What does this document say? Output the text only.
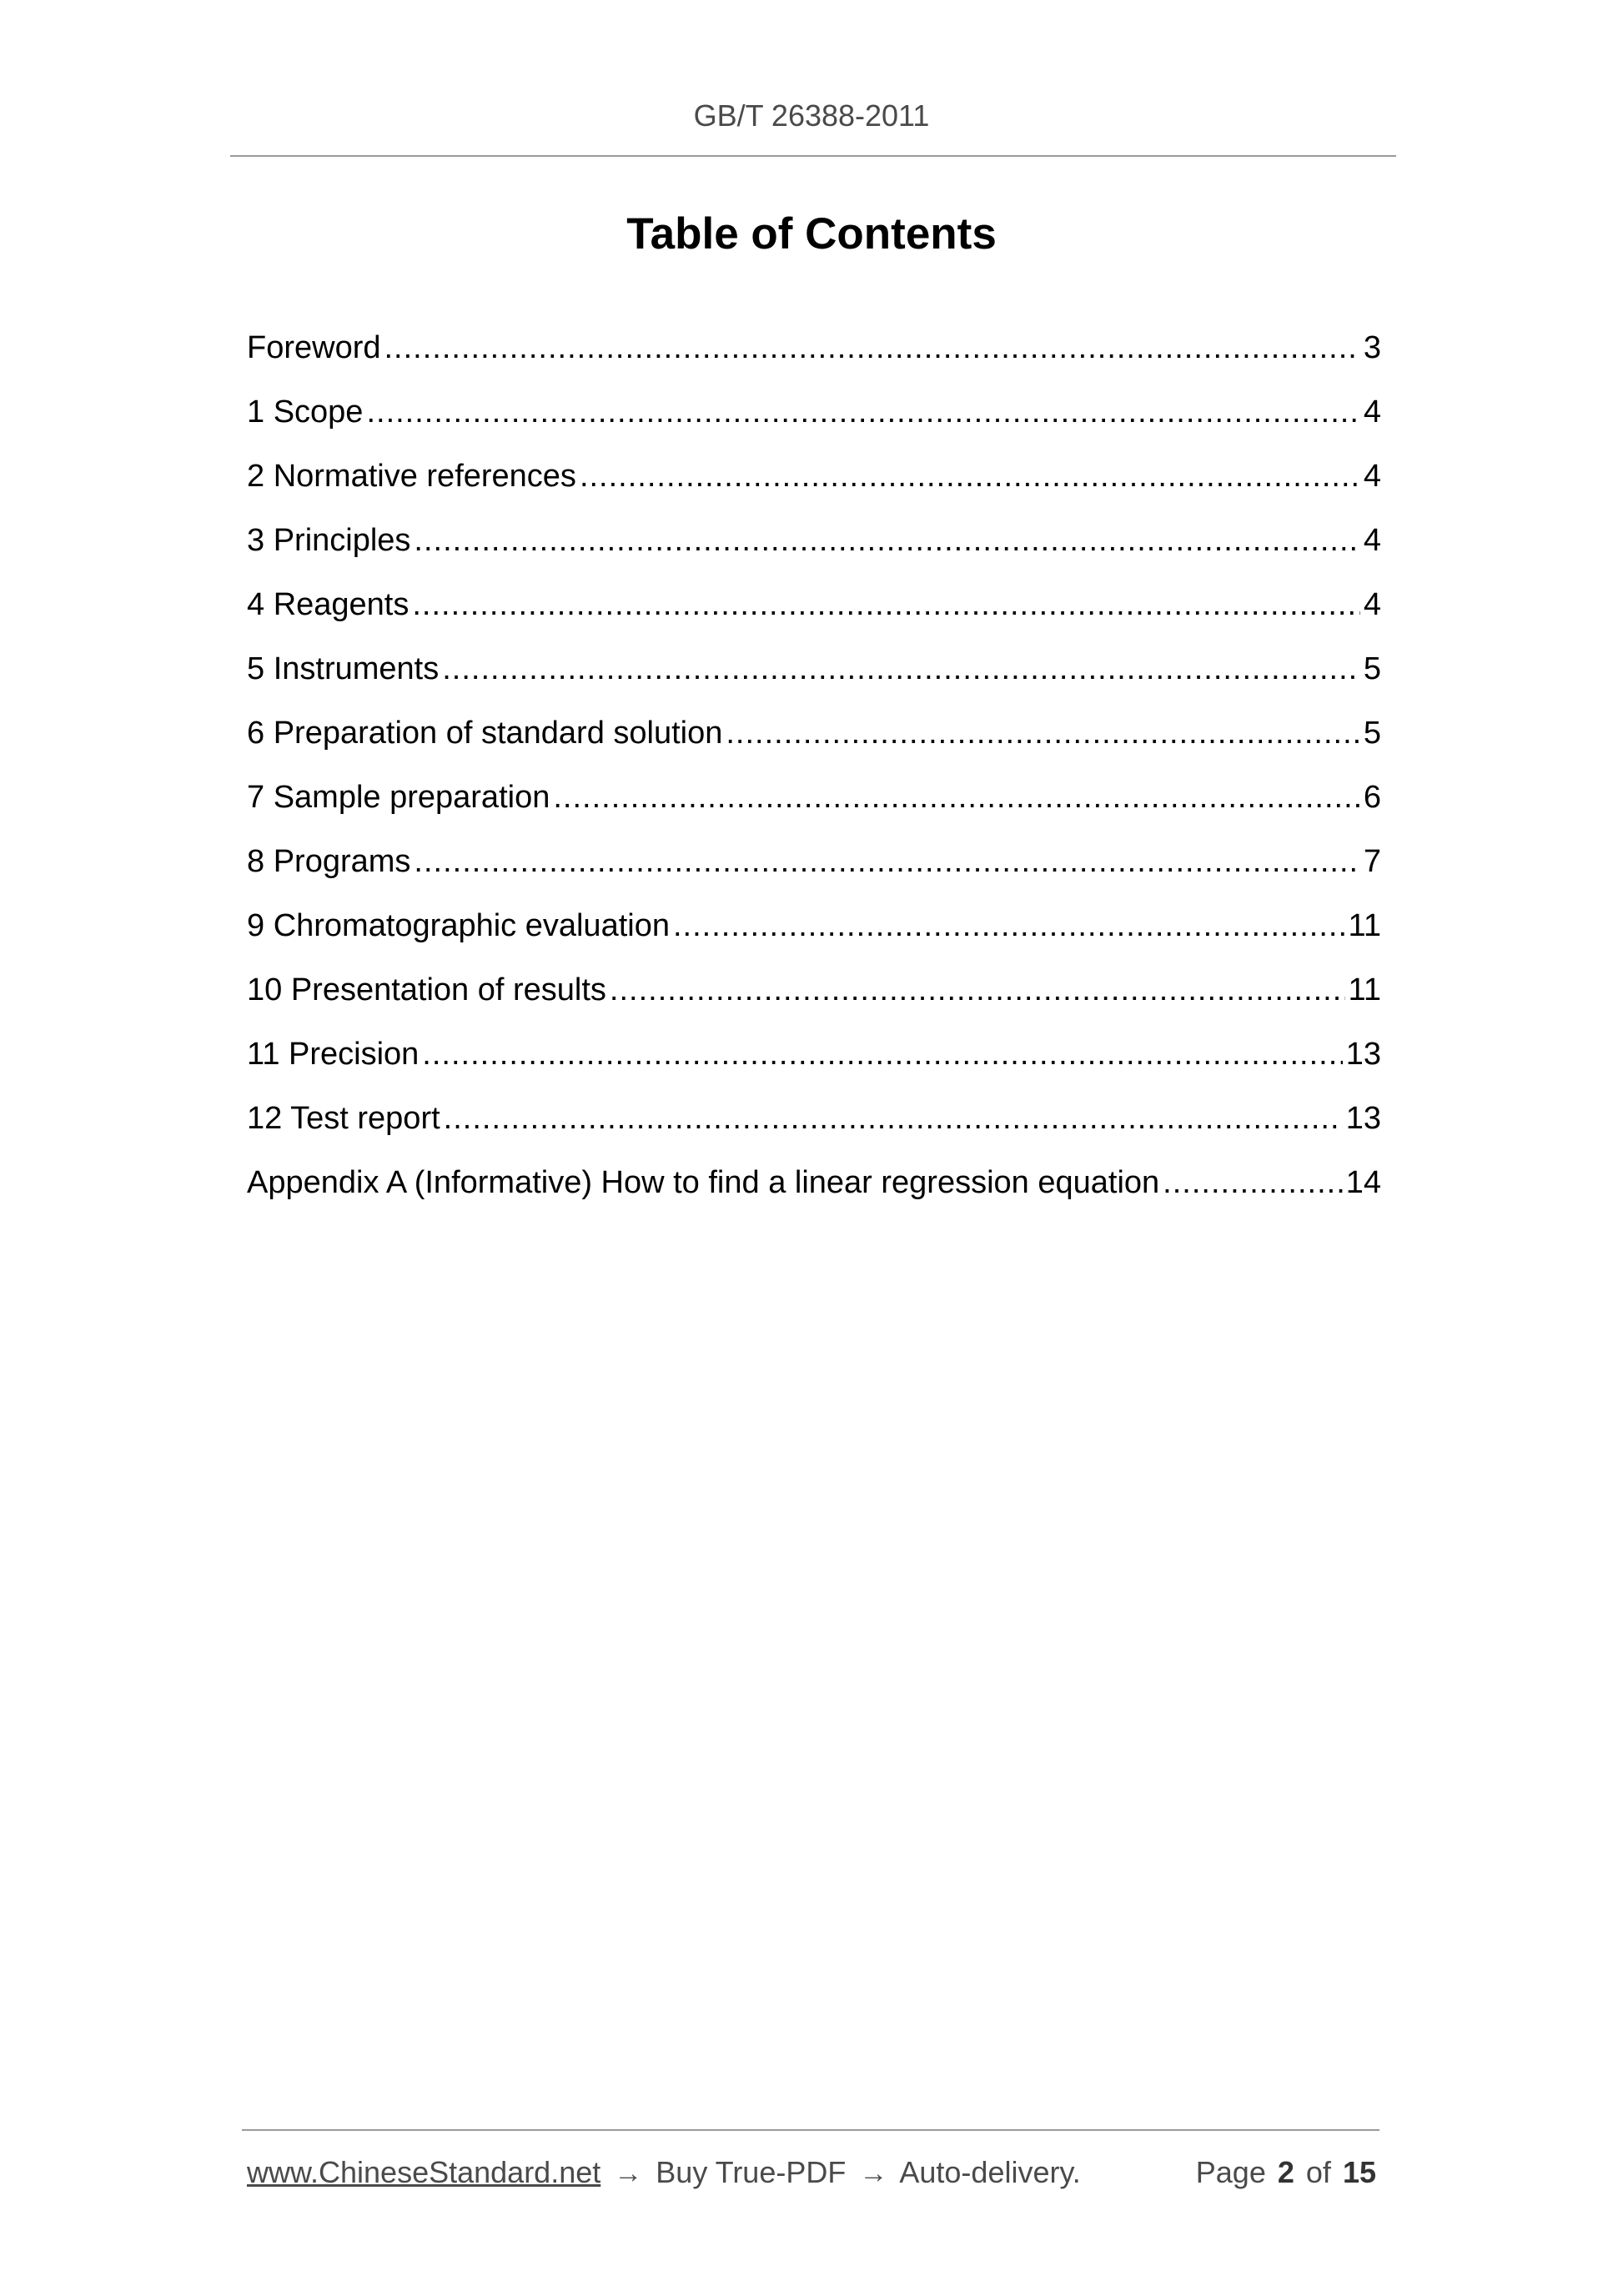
GB/T 26388-2011
Table of Contents
Foreword .....	3
1 Scope .....	4
2 Normative references .....	4
3 Principles .....	4
4 Reagents .....	4
5 Instruments .....	5
6 Preparation of standard solution .....	5
7 Sample preparation .....	6
8 Programs .....	7
9 Chromatographic evaluation .....	11
10 Presentation of results .....	11
11 Precision .....	13
12 Test report .....	13
Appendix A (Informative) How to find a linear regression equation .....	14
www.ChineseStandard.net → Buy True-PDF → Auto-delivery.	Page 2 of 15
